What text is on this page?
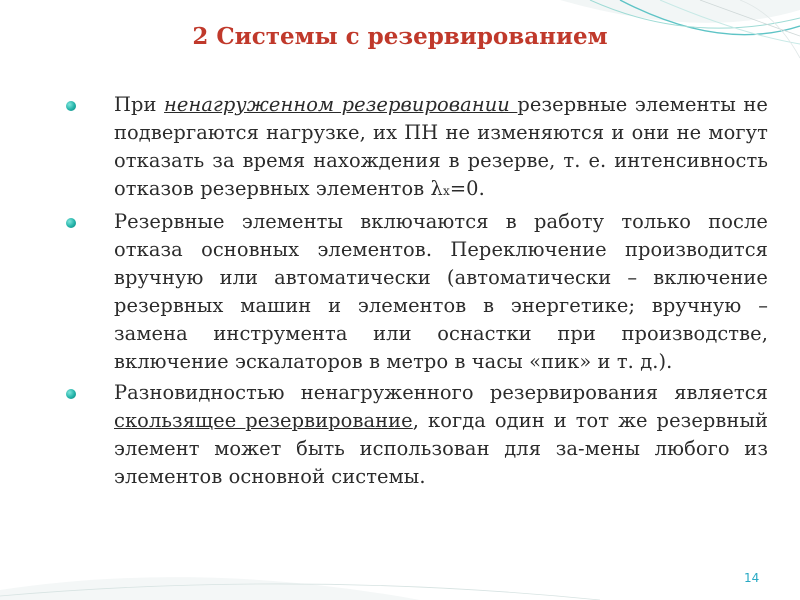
2 Системы с резервированием
При ненагруженном резервировании резервные элементы не подвергаются нагрузке, их ПН не изменяются и они не могут отказать за время нахождения в резерве, т. е. интенсивность отказов резервных элементов λx=0.
Резервные элементы включаются в работу только после отказа основных элементов. Переключение производится вручную или автоматически (автоматически – включение резервных машин и элементов в энергетике; вручную – замена инструмента или оснастки при производстве, включение эскалаторов в метро в часы «пик» и т. д.).
Разновидностью ненагруженного резервирования является скользящее резервирование, когда один и тот же резервный элемент может быть использован для за-мены любого из элементов основной системы.
14
